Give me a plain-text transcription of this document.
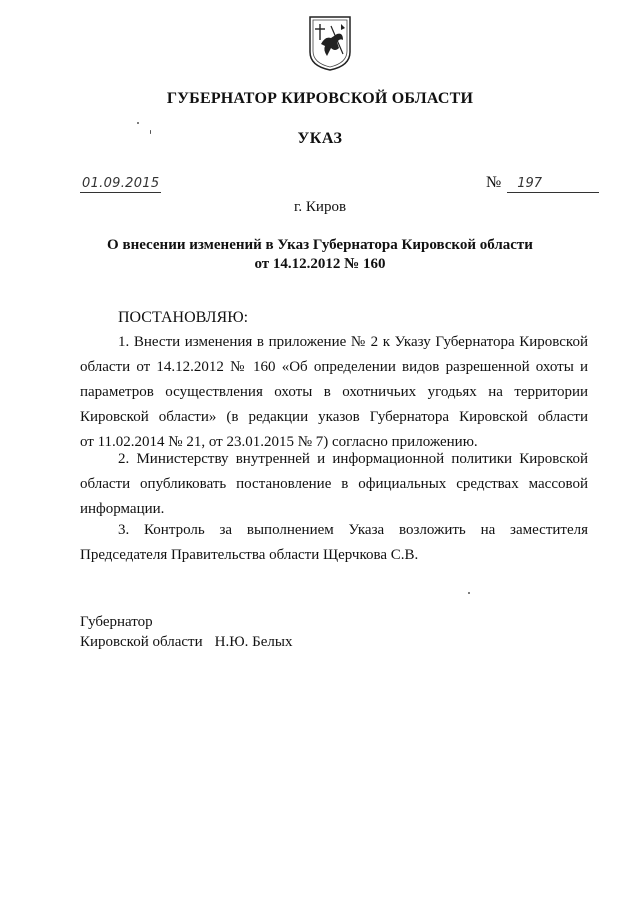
ГУБЕРНАТОР КИРОВСКОЙ ОБЛАСТИ
УКАЗ
01.09.2015	№ 197
г. Киров
О внесении изменений в Указ Губернатора Кировской области
от 14.12.2012 № 160
ПОСТАНОВЛЯЮ:
1. Внести изменения в приложение № 2 к Указу Губернатора Кировской
области от 14.12.2012 № 160 «Об определении видов разрешенной охоты и
параметров осуществления охоты в охотничьих угодьях на территории
Кировской области» (в редакции указов Губернатора Кировской области
от 11.02.2014 № 21, от 23.01.2015 № 7) согласно приложению.
2. Министерству внутренней и информационной политики Кировской
области опубликовать постановление в официальных средствах массовой
информации.
3. Контроль за выполнением Указа возложить на заместителя
Председателя Правительства области Щерчкова С.В.
Губернатор
Кировской области Н.Ю. Белых
